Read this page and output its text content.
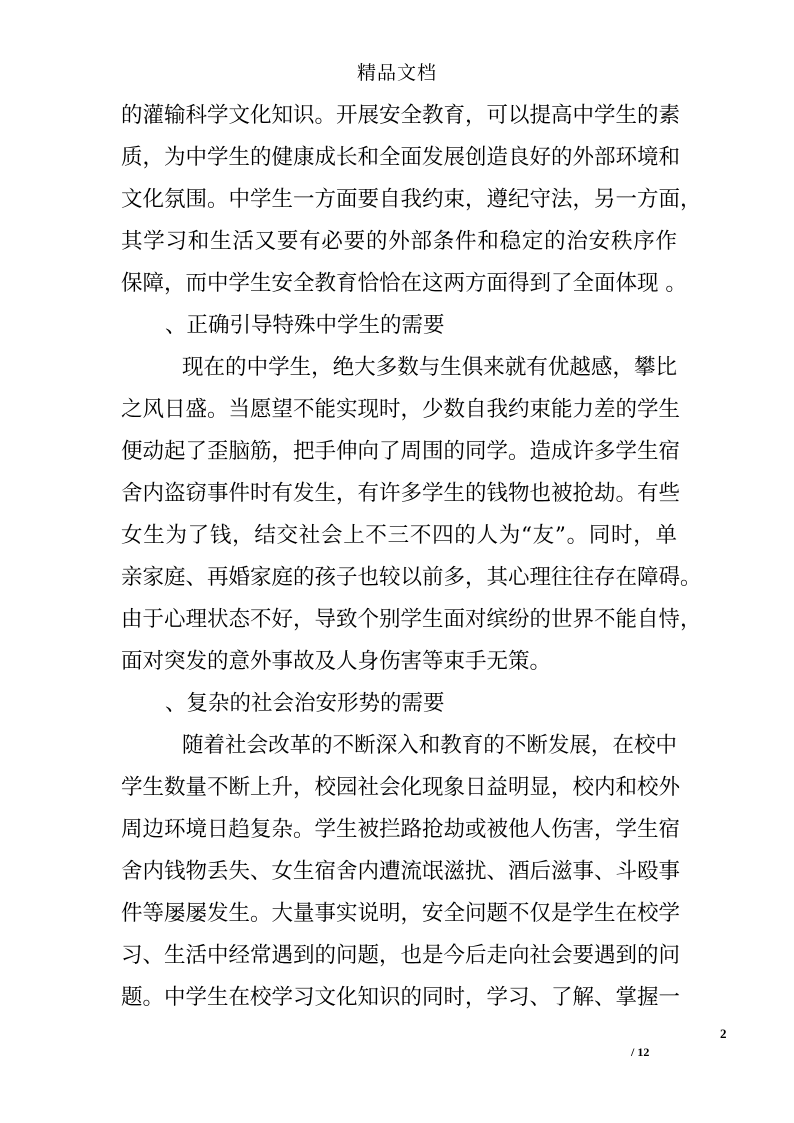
精品文档
的灌输科学文化知识。开展安全教育，可以提高中学生的素
质，为中学生的健康成长和全面发展创造良好的外部环境和
文化氛围。中学生一方面要自我约束，遵纪守法，另一方面，
其学习和生活又要有必要的外部条件和稳定的治安秩序作
保障，而中学生安全教育恰恰在这两方面得到了全面体现 。
、正确引导特殊中学生的需要
现在的中学生，绝大多数与生俱来就有优越感，攀比
之风日盛。当愿望不能实现时，少数自我约束能力差的学生
便动起了歪脑筋，把手伸向了周围的同学。造成许多学生宿
舍内盗窃事件时有发生，有许多学生的钱物也被抢劫。有些
女生为了钱，结交社会上不三不四的人为“友”。同时，单
亲家庭、再婚家庭的孩子也较以前多，其心理往往存在障碍。
由于心理状态不好，导致个别学生面对缤纷的世界不能自恃，
面对突发的意外事故及人身伤害等束手无策。
、复杂的社会治安形势的需要
随着社会改革的不断深入和教育的不断发展，在校中
学生数量不断上升，校园社会化现象日益明显，校内和校外
周边环境日趋复杂。学生被拦路抢劫或被他人伤害，学生宿
舍内钱物丢失、女生宿舍内遭流氓滋扰、酒后滋事、斗殴事
件等屡屡发生。大量事实说明，安全问题不仅是学生在校学
习、生活中经常遇到的问题，也是今后走向社会要遇到的问
题。中学生在校学习文化知识的同时，学习、了解、掌握一
2
/ 12
